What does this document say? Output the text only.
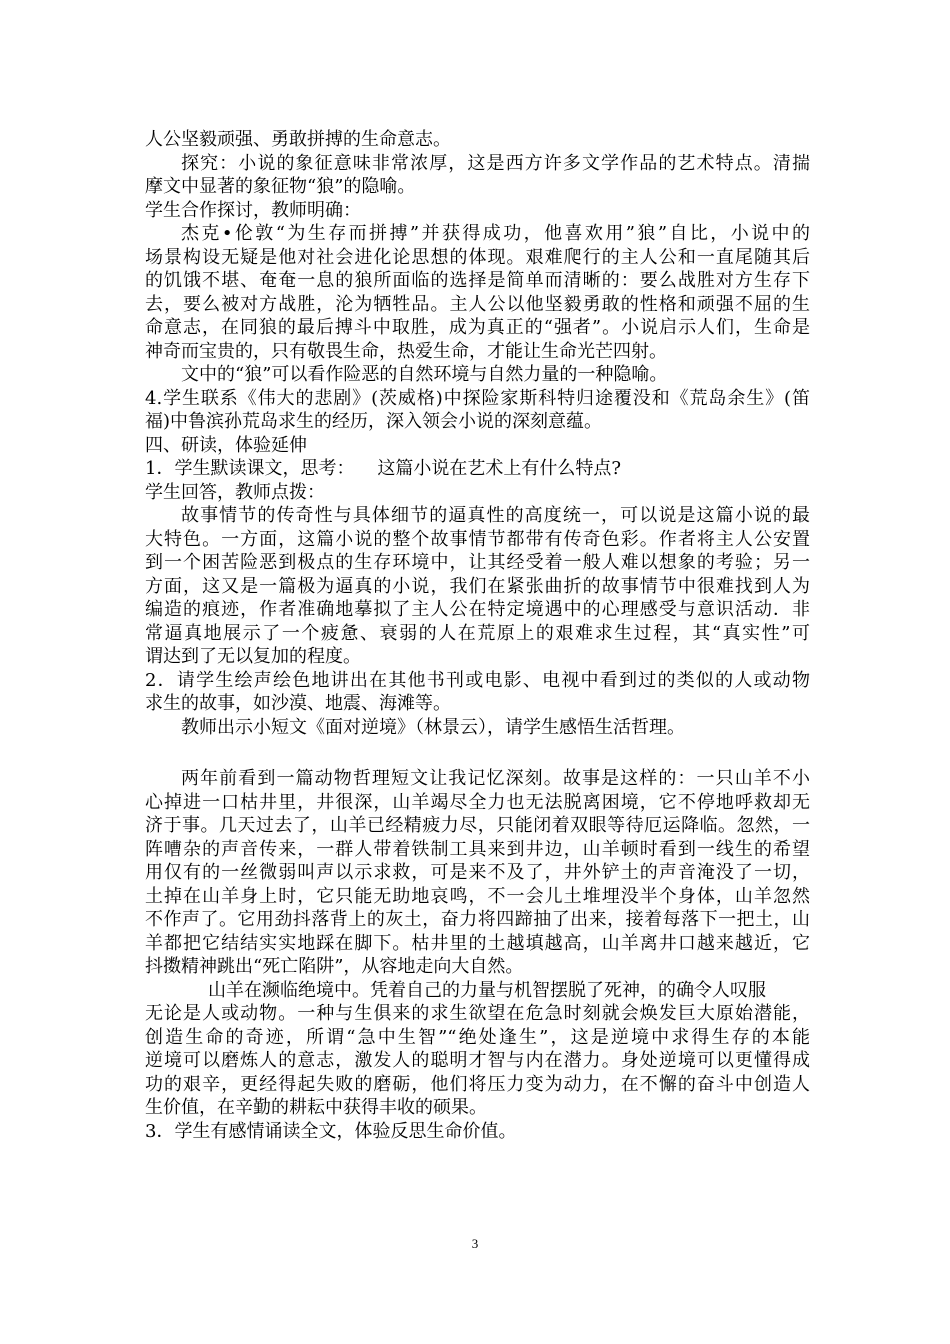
人公坚毅顽强、勇敢拼搏的生命意志。
探究：小说的象征意味非常浓厚，这是西方许多文学作品的艺术特点。清揣
摩文中显著的象征物“狼”的隐喻。
学生合作探讨，教师明确：
杰克•伦敦“为生存而拼搏”并获得成功，他喜欢用”狼”自比，小说中的
场景构设无疑是他对社会进化论思想的体现。艰难爬行的主人公和一直尾随其后
的饥饿不堪、奄奄一息的狼所面临的选择是简单而清晰的：要么战胜对方生存下
去，要么被对方战胜，沦为牺牲品。主人公以他坚毅勇敢的性格和顽强不屈的生
命意志，在同狼的最后搏斗中取胜，成为真正的“强者”。小说启示人们，生命是
神奇而宝贵的，只有敬畏生命，热爱生命，才能让生命光芒四射。
文中的“狼”可以看作险恶的自然环境与自然力量的一种隐喻。
4.学生联系《伟大的悲剧》(茨威格)中探险家斯科特归途覆没和《荒岛余生》(笛
福)中鲁滨孙荒岛求生的经历，深入领会小说的深刻意蕴。
四、研读，体验延伸
1．学生默读课文，思考：    这篇小说在艺术上有什么特点?
学生回答，教师点拨：
故事情节的传奇性与具体细节的逼真性的高度统一，可以说是这篇小说的最
大特色。一方面，这篇小说的整个故事情节都带有传奇色彩。作者将主人公安置
到一个困苦险恶到极点的生存环境中，让其经受着一般人难以想象的考验；另一
方面，这又是一篇极为逼真的小说，我们在紧张曲折的故事情节中很难找到人为
编造的痕迹，作者准确地摹拟了主人公在特定境遇中的心理感受与意识活动．非
常逼真地展示了一个疲惫、衰弱的人在荒原上的艰难求生过程，其“真实性”可
谓达到了无以复加的程度。
2．请学生绘声绘色地讲出在其他书刊或电影、电视中看到过的类似的人或动物
求生的故事，如沙漠、地震、海滩等。
教师出示小短文《面对逆境》（林景云），请学生感悟生活哲理。
两年前看到一篇动物哲理短文让我记忆深刻。故事是这样的：一只山羊不小
心掉进一口枯井里，井很深，山羊竭尽全力也无法脱离困境，它不停地呼救却无
济于事。几天过去了，山羊已经精疲力尽，只能闭着双眼等待厄运降临。忽然，一
阵嘈杂的声音传来，一群人带着铁制工具来到井边，山羊顿时看到一线生的希望
用仅有的一丝微弱叫声以示求救，可是来不及了，井外铲土的声音淹没了一切，
土掉在山羊身上时，它只能无助地哀鸣，不一会儿土堆埋没半个身体，山羊忽然
不作声了。它用劲抖落背上的灰土，奋力将四蹄抽了出来，接着每落下一把土，山
羊都把它结结实实地踩在脚下。枯井里的土越填越高，山羊离井口越来越近，它
抖擞精神跳出“死亡陷阱”，从容地走向大自然。
山羊在濒临绝境中。凭着自己的力量与机智摆脱了死神，的确令人叹服
无论是人或动物。一种与生俱来的求生欲望在危急时刻就会焕发巨大原始潜能，
创造生命的奇迹，所谓“急中生智”“绝处逢生”，这是逆境中求得生存的本能
逆境可以磨炼人的意志，激发人的聪明才智与内在潜力。身处逆境可以更懂得成
功的艰辛，更经得起失败的磨砺，他们将压力变为动力，在不懈的奋斗中创造人
生价值，在辛勤的耕耘中获得丰收的硕果。
3．学生有感情诵读全文，体验反思生命价值。
3
